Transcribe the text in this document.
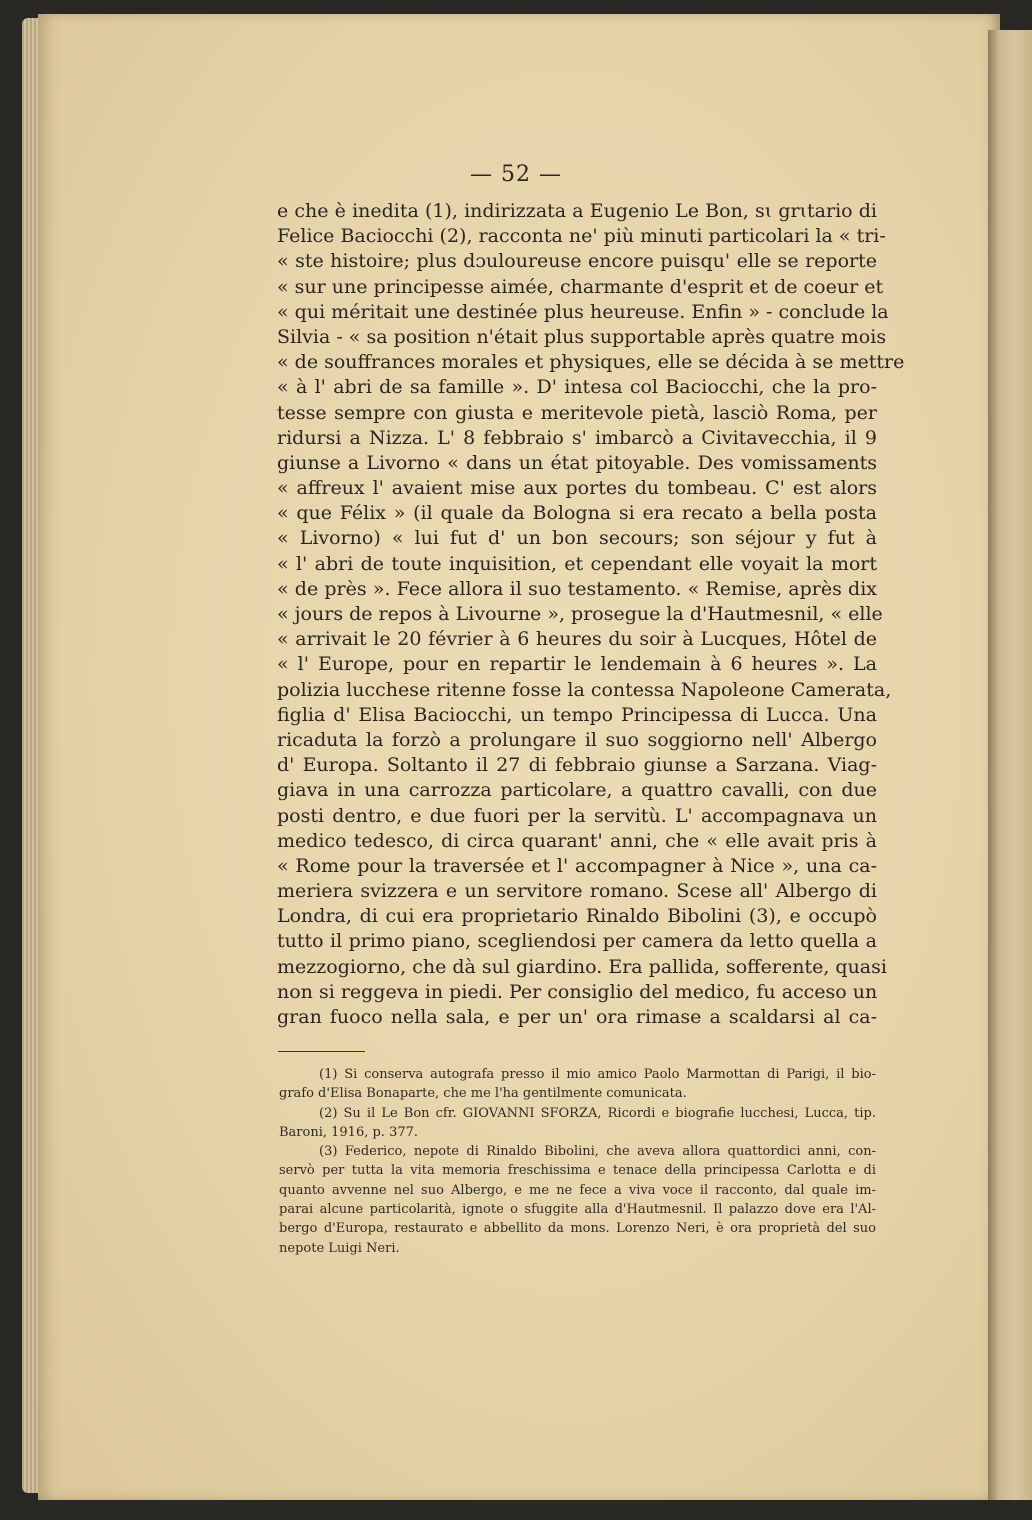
— 52 —
e che è inedita (1), indirizzata a Eugenio Le Bon, sɩ grɩtario di
Felice Baciocchi (2), racconta ne' più minuti particolari la « tri-
« ste histoire; plus dɔuloureuse encore puisqu' elle se reporte
« sur une principesse aimée, charmante d'esprit et de coeur et
« qui méritait une destinée plus heureuse. Enfin » - conclude la
Silvia - « sa position n'était plus supportable après quatre mois
« de souffrances morales et physiques, elle se décida à se mettre
« à l' abri de sa famille ». D' intesa col Baciocchi, che la pro-
tesse sempre con giusta e meritevole pietà, lasciò Roma, per
ridursi a Nizza. L' 8 febbraio s' imbarcò a Civitavecchia, il 9
giunse a Livorno « dans un état pitoyable. Des vomissaments
« affreux l' avaient mise aux portes du tombeau. C' est alors
« que Félix » (il quale da Bologna si era recato a bella posta
« Livorno) « lui fut d' un bon secours; son séjour y fut à
« l' abri de toute inquisition, et cependant elle voyait la mort
« de près ». Fece allora il suo testamento. « Remise, après dix
« jours de repos à Livourne », prosegue la d'Hautmesnil, « elle
« arrivait le 20 février à 6 heures du soir à Lucques, Hôtel de
« l' Europe, pour en repartir le lendemain à 6 heures ». La
polizia lucchese ritenne fosse la contessa Napoleone Camerata,
figlia d' Elisa Baciocchi, un tempo Principessa di Lucca. Una
ricaduta la forzò a prolungare il suo soggiorno nell' Albergo
d' Europa. Soltanto il 27 di febbraio giunse a Sarzana. Viag-
giava in una carrozza particolare, a quattro cavalli, con due
posti dentro, e due fuori per la servitù. L' accompagnava un
medico tedesco, di circa quarant' anni, che « elle avait pris à
« Rome pour la traversée et l' accompagner à Nice », una ca-
meriera svizzera e un servitore romano. Scese all' Albergo di
Londra, di cui era proprietario Rinaldo Bibolini (3), e occupò
tutto il primo piano, scegliendosi per camera da letto quella a
mezzogiorno, che dà sul giardino. Era pallida, sofferente, quasi
non si reggeva in piedi. Per consiglio del medico, fu acceso un
gran fuoco nella sala, e per un' ora rimase a scaldarsi al ca-
(1) Si conserva autografa presso il mio amico Paolo Marmottan di Parigi, il bio-
grafo d'Elisa Bonaparte, che me l'ha gentilmente comunicata.
(2) Su il Le Bon cfr. GIOVANNI SFORZA, Ricordi e biografie lucchesi, Lucca, tip.
Baroni, 1916, p. 377.
(3) Federico, nepote di Rinaldo Bibolini, che aveva allora quattordici anni, con-
servò per tutta la vita memoria freschissima e tenace della principessa Carlotta e di
quanto avvenne nel suo Albergo, e me ne fece a viva voce il racconto, dal quale im-
parai alcune particolarità, ignote o sfuggite alla d'Hautmesnil. Il palazzo dove era l'Al-
bergo d'Europa, restaurato e abbellito da mons. Lorenzo Neri, è ora proprietà del suo
nepote Luigi Neri.
